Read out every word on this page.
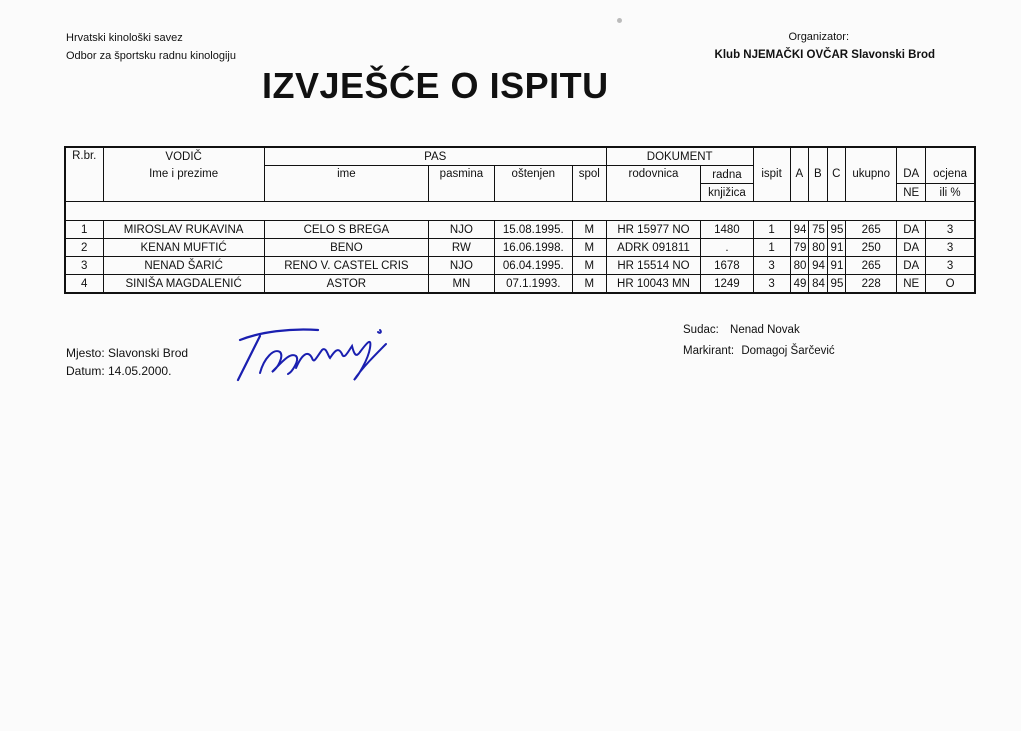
Hrvatski kinološki savez
Odbor za športsku radnu kinologiju
Organizator:
Klub NJEMAČKI OVČAR Slavonski Brod
IZVJEŠĆE O ISPITU
R.br.	VODIČ	PAS				DOKUMENT								
	Ime i prezime	ime	pasmina	oštenjen	spol	rodovnica	radna	ispit	A	B	C	ukupno	DA	ocjena
							knjižica						NE	ili %

1	MIROSLAV RUKAVINA	CELO S BREGA	NJO	15.08.1995.	M	HR 15977 NO	1480	1	94	75	95	265	DA	3
2	KENAN MUFTIĆ	BENO	RW	16.06.1998.	M	ADRK 091811	.	1	79	80	91	250	DA	3
3	NENAD ŠARIĆ	RENO V. CASTEL CRIS	NJO	06.04.1995.	M	HR 15514 NO	1678	3	80	94	91	265	DA	3
4	SINIŠA MAGDALENIĆ	ASTOR	MN	07.1.1993.	M	HR 10043 MN	1249	3	49	84	95	228	NE	O
Mjesto: Slavonski Brod
Datum: 14.05.2000.
Sudac: Nenad Novak
Markirant: Domagoj Šarčević
